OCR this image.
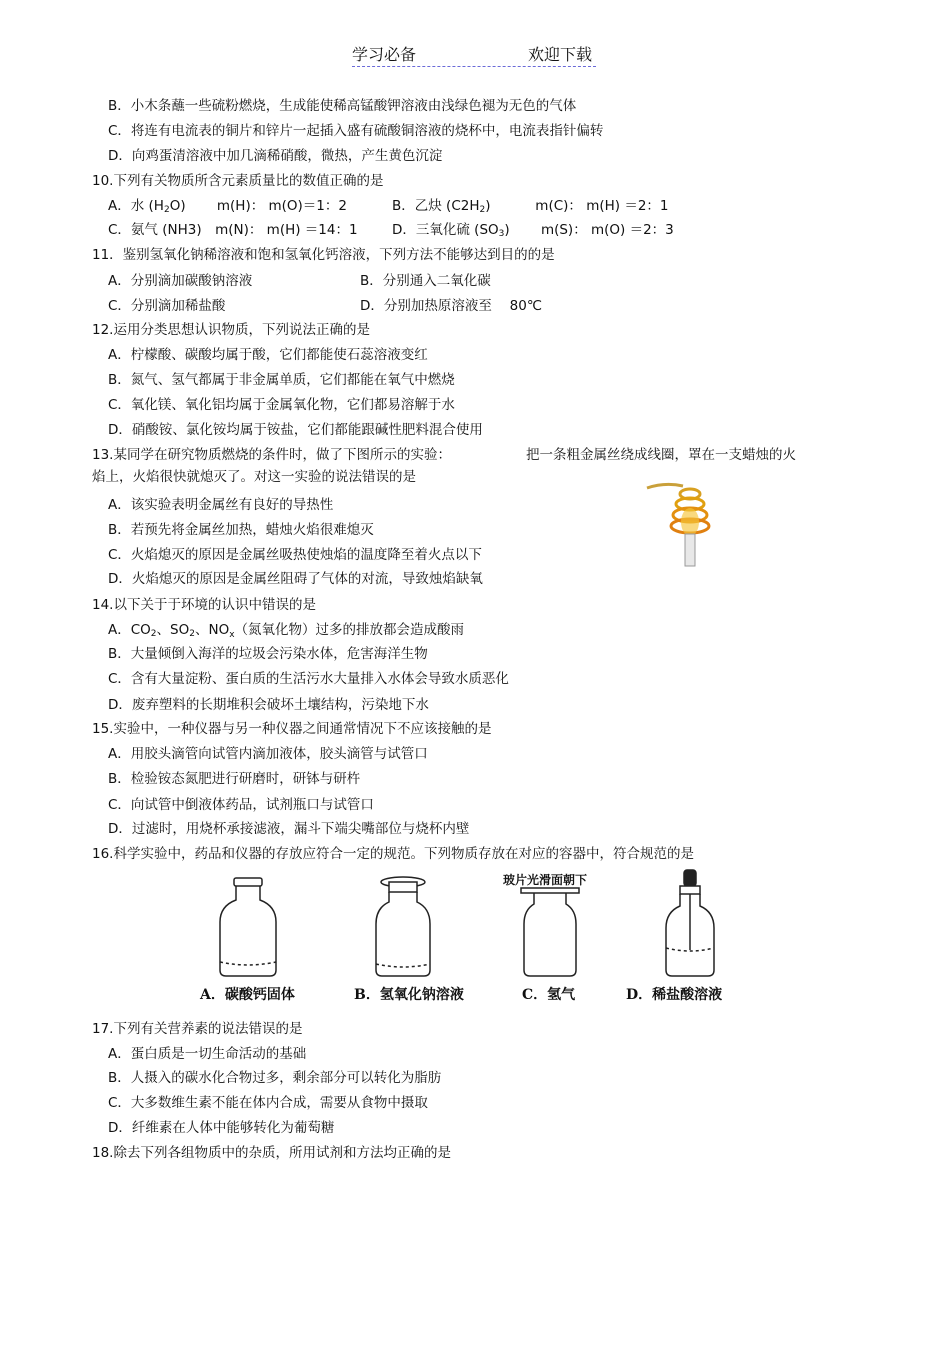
学习必备	欢迎下载
B．小木条蘸一些硫粉燃烧，生成能使稀高锰酸钾溶液由浅绿色褪为无色的气体
C．将连有电流表的铜片和锌片一起插入盛有硫酸铜溶液的烧杯中，电流表指针偏转
D．向鸡蛋清溶液中加几滴稀硝酸，微热，产生黄色沉淀
10.下列有关物质所含元素质量比的数值正确的是
A．水 $(H_2O)$　　 m(H)： m(O)＝1：2	B．乙炔 $(C2H_2)$　　　 m(C)： m(H) ＝2：1
C．氨气 (NH3)　m(N)： m(H) ＝14：1	D．三氧化硫 $(SO_3)$　　 m(S)： m(O) ＝2：3
11．鉴别氢氧化钠稀溶液和饱和氢氧化钙溶液，下列方法不能够达到目的的是
A．分别滴加碳酸钠溶液	B．分别通入二氧化碳
C．分别滴加稀盐酸	D．分别加热原溶液至　 80℃
12.运用分类思想认识物质，下列说法正确的是
A．柠檬酸、碳酸均属于酸，它们都能使石蕊溶液变红
B．氮气、氢气都属于非金属单质，它们都能在氧气中燃烧
C．氧化镁、氧化铝均属于金属氧化物，它们都易溶解于水
D．硝酸铵、氯化铵均属于铵盐，它们都能跟碱性肥料混合使用
13.某同学在研究物质燃烧的条件时，做了下图所示的实验：	把一条粗金属丝绕成线圈，罩在一支蜡烛的火
焰上，火焰很快就熄灭了。对这一实验的说法错误的是
A．该实验表明金属丝有良好的导热性
B．若预先将金属丝加热，蜡烛火焰很难熄灭
C．火焰熄灭的原因是金属丝吸热使烛焰的温度降至着火点以下
D．火焰熄灭的原因是金属丝阻碍了气体的对流，导致烛焰缺氧
14.以下关于于环境的认识中错误的是
A．$CO_2$、$SO_2$、$NO_x$（氮氧化物）过多的排放都会造成酸雨
B．大量倾倒入海洋的垃圾会污染水体，危害海洋生物
C．含有大量淀粉、蛋白质的生活污水大量排入水体会导致水质恶化
D．废弃塑料的长期堆积会破坏土壤结构，污染地下水
15.实验中，一种仪器与另一种仪器之间通常情况下不应该接触的是
A．用胶头滴管向试管内滴加液体，胶头滴管与试管口
B．检验铵态氮肥进行研磨时，研钵与研杵
C．向试管中倒液体药品，试剂瓶口与试管口
D．过滤时，用烧杯承接滤液，漏斗下端尖嘴部位与烧杯内壁
16.科学实验中，药品和仪器的存放应符合一定的规范。下列物质存放在对应的容器中，符合规范的是
玻片光滑面朝下
A．碳酸钙固体	B．氢氧化钠溶液	C．氢气	D．稀盐酸溶液
17.下列有关营养素的说法错误的是
A．蛋白质是一切生命活动的基础
B．人摄入的碳水化合物过多，剩余部分可以转化为脂肪
C．大多数维生素不能在体内合成，需要从食物中摄取
D．纤维素在人体中能够转化为葡萄糖
18.除去下列各组物质中的杂质，所用试剂和方法均正确的是
